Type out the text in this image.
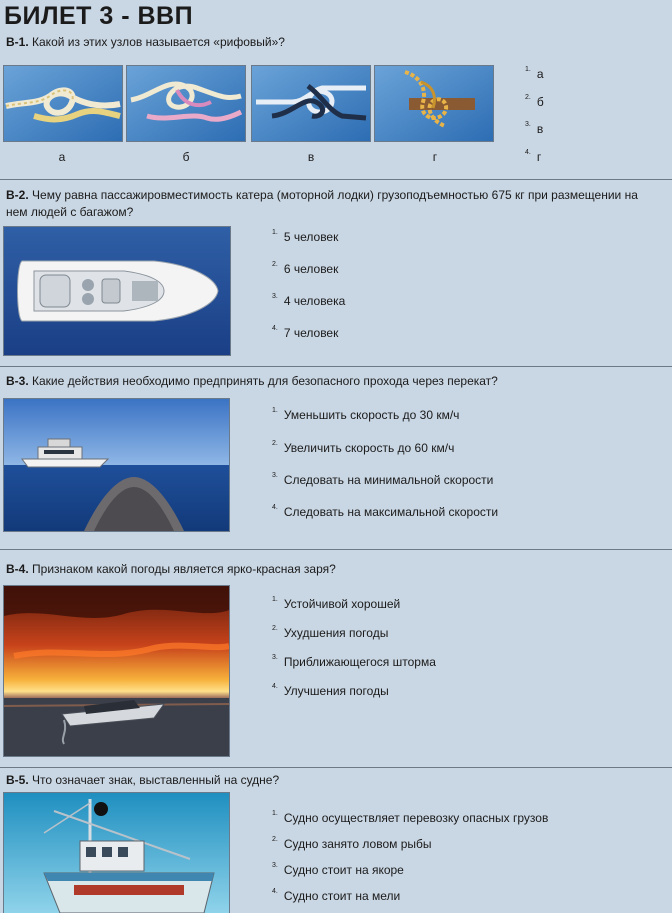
БИЛЕТ 3 - ВВП
В-1. Какой из этих узлов называется «рифовый»?
а	б	в	г
$^{1.}$ а
$^{2.}$ б
$^{3.}$ в
$^{4.}$ г
В-2. Чему равна пассажировместимость катера (моторной лодки) грузоподъемностью 675 кг при размещении на нем людей с багажом?
$^{1.}$ 5 человек
$^{2.}$ 6 человек
$^{3.}$ 4 человека
$^{4.}$ 7 человек
В-3. Какие действия необходимо предпринять для безопасного прохода через перекат?
$^{1.}$ Уменьшить скорость до 30 км/ч
$^{2.}$ Увеличить скорость до 60 км/ч
$^{3.}$ Следовать на минимальной скорости
$^{4.}$ Следовать на максимальной скорости
В-4. Признаком какой погоды является ярко-красная заря?
$^{1.}$ Устойчивой хорошей
$^{2.}$ Ухудшения погоды
$^{3.}$ Приближающегося шторма
$^{4.}$ Улучшения погоды
В-5. Что означает знак, выставленный на судне?
$^{1.}$ Судно осуществляет перевозку опасных грузов
$^{2.}$ Судно занято ловом рыбы
$^{3.}$ Судно стоит на якоре
$^{4.}$ Судно стоит на мели
